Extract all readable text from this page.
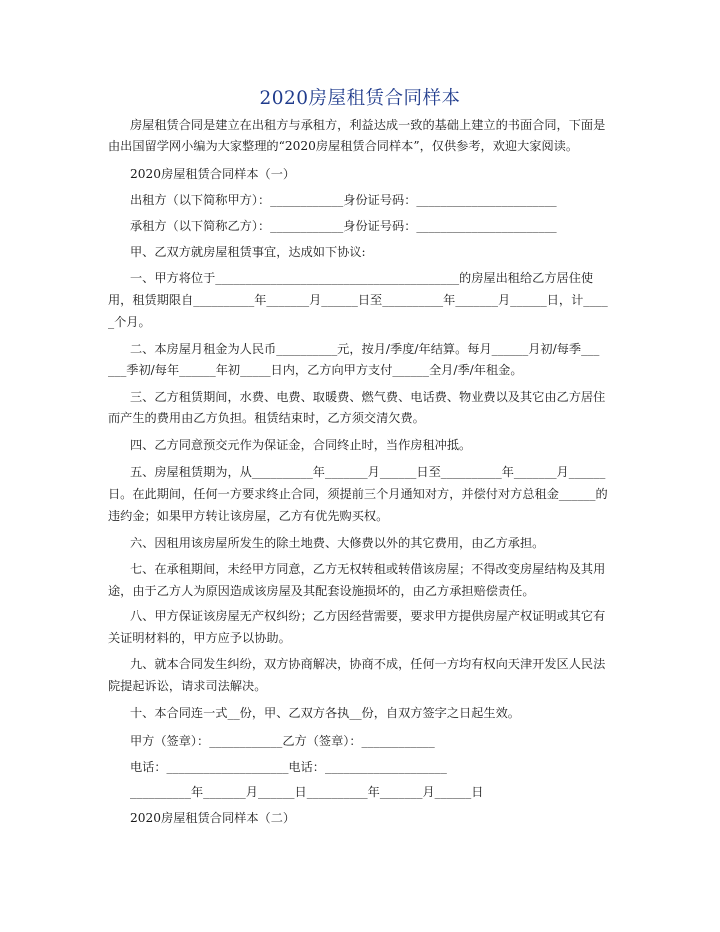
2020房屋租赁合同样本
房屋租赁合同是建立在出租方与承租方，利益达成一致的基础上建立的书面合同，下面是
由出国留学网小编为大家整理的“2020房屋租赁合同样本”，仅供参考，欢迎大家阅读。
2020房屋租赁合同样本（一）
出租方（以下简称甲方）：____________身份证号码：_______________________
承租方（以下简称乙方）：____________身份证号码：_______________________
甲、乙双方就房屋租赁事宜，达成如下协议:
一、甲方将位于________________________________________的房屋出租给乙方居住使
用，租赁期限自__________年_______月______日至__________年_______月______日，计____
_个月。
二、本房屋月租金为人民币__________元，按月/季度/年结算。每月______月初/每季___
___季初/每年______年初_____日内，乙方向甲方支付______全月/季/年租金。
三、乙方租赁期间，水费、电费、取暖费、燃气费、电话费、物业费以及其它由乙方居住
而产生的费用由乙方负担。租赁结束时，乙方须交清欠费。
四、乙方同意预交元作为保证金，合同终止时，当作房租冲抵。
五、房屋租赁期为，从__________年_______月______日至__________年_______月______
日。在此期间，任何一方要求终止合同，须提前三个月通知对方，并偿付对方总租金______的
违约金；如果甲方转让该房屋，乙方有优先购买权。
六、因租用该房屋所发生的除土地费、大修费以外的其它费用，由乙方承担。
七、在承租期间，未经甲方同意，乙方无权转租或转借该房屋；不得改变房屋结构及其用
途，由于乙方人为原因造成该房屋及其配套设施损坏的，由乙方承担赔偿责任。
八、甲方保证该房屋无产权纠纷；乙方因经营需要，要求甲方提供房屋产权证明或其它有
关证明材料的，甲方应予以协助。
九、就本合同发生纠纷，双方协商解决，协商不成，任何一方均有权向天津开发区人民法
院提起诉讼，请求司法解决。
十、本合同连一式__份，甲、乙双方各执__份，自双方签字之日起生效。
甲方（签章）：____________乙方（签章）：____________
电话：____________________电话：____________________
__________年_______月______日__________年_______月______日
2020房屋租赁合同样本（二）
